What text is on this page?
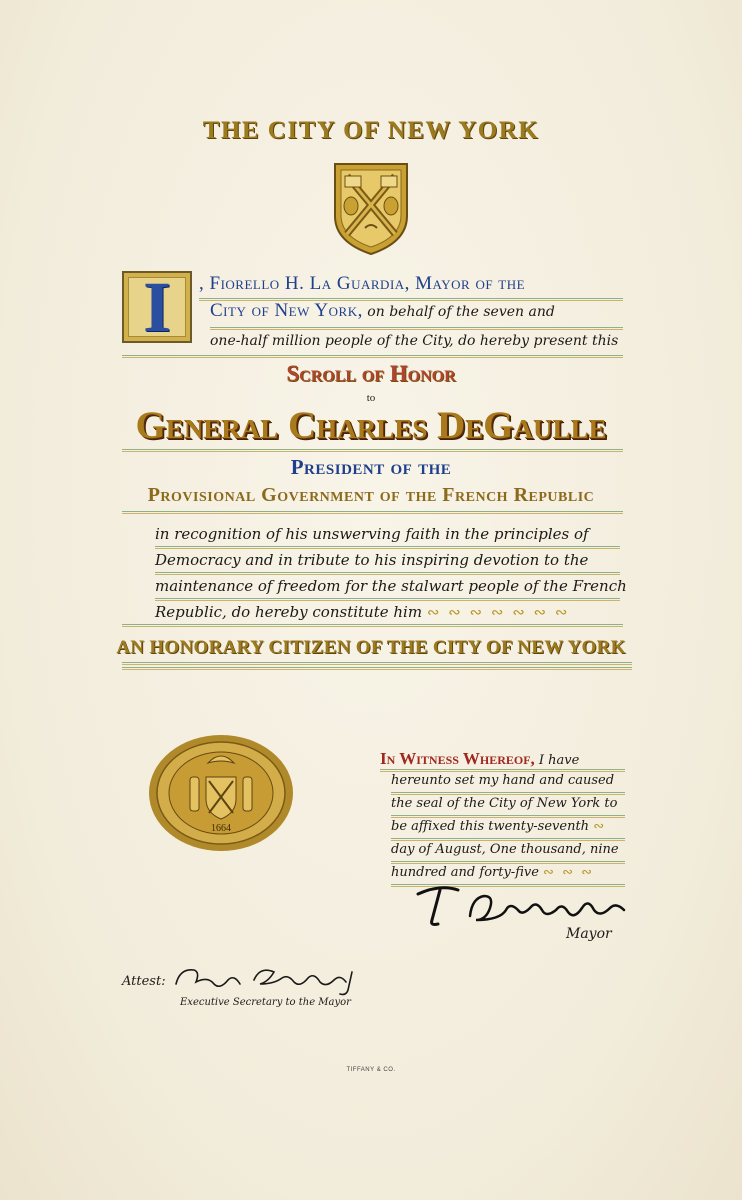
THE CITY OF NEW YORK
I	, Fiorello H. La Guardia, Mayor of the
City of New York, on behalf of the seven and
one-half million people of the City, do hereby present this
Scroll of Honor
to
General Charles DeGaulle
President of the
Provisional Government of the French Republic
in recognition of his unswerving faith in the principles of
Democracy and in tribute to his inspiring devotion to the
maintenance of freedom for the stalwart people of the French
Republic, do hereby constitute him ∾ ∾ ∾ ∾ ∾ ∾ ∾
AN HONORARY CITIZEN OF THE CITY OF NEW YORK
1664
In Witness Whereof, I have
hereunto set my hand and caused
the seal of the City of New York to
be affixed this twenty-seventh ∾
day of August, One thousand, nine
hundred and forty-five ∾ ∾ ∾
Mayor
Attest:
Executive Secretary to the Mayor
TIFFANY & CO.
